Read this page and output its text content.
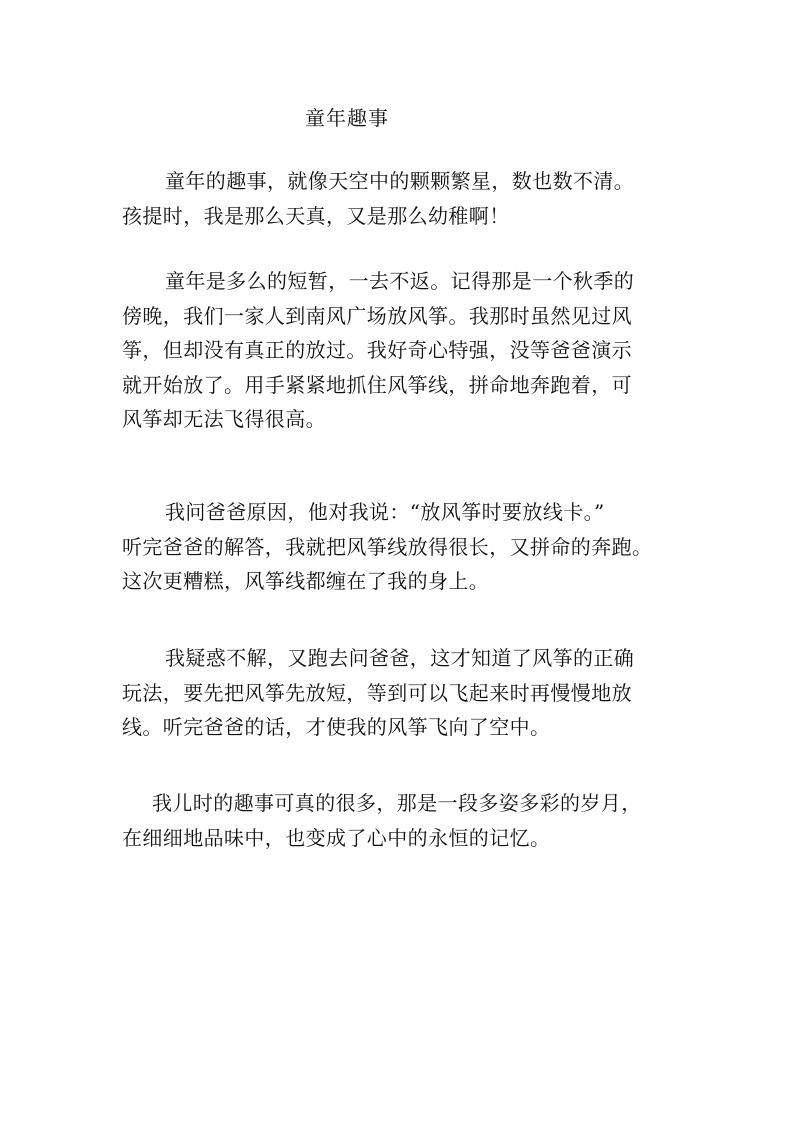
童年趣事

童年的趣事，就像天空中的颗颗繁星，数也数不清。
孩提时，我是那么天真，又是那么幼稚啊！

童年是多么的短暂，一去不返。记得那是一个秋季的
傍晚，我们一家人到南风广场放风筝。我那时虽然见过风
筝，但却没有真正的放过。我好奇心特强，没等爸爸演示
就开始放了。用手紧紧地抓住风筝线，拼命地奔跑着，可
风筝却无法飞得很高。

我问爸爸原因，他对我说：“放风筝时要放线卡。”
听完爸爸的解答，我就把风筝线放得很长，又拼命的奔跑。
这次更糟糕，风筝线都缠在了我的身上。

我疑惑不解，又跑去问爸爸，这才知道了风筝的正确
玩法，要先把风筝先放短，等到可以飞起来时再慢慢地放
线。听完爸爸的话，才使我的风筝飞向了空中。

我儿时的趣事可真的很多，那是一段多姿多彩的岁月，
在细细地品味中，也变成了心中的永恒的记忆。
